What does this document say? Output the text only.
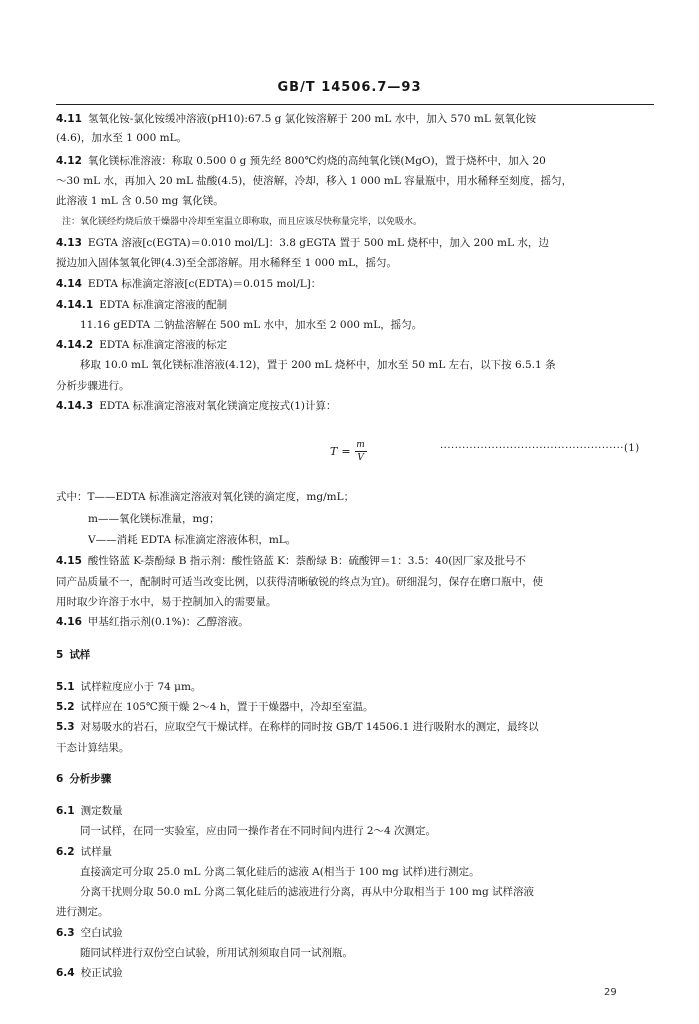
GB/T 14506.7—93
4.11 氢氧化铵-氯化铵缓冲溶液(pH10):67.5 g 氯化铵溶解于 200 mL 水中，加入 570 mL 氨氧化铵
(4.6)，加水至 1 000 mL。
4.12 氧化镁标准溶液：称取 0.500 0 g 预先经 800℃灼烧的高纯氧化镁(MgO)，置于烧杯中，加入 20
～30 mL 水，再加入 20 mL 盐酸(4.5)，使溶解，冷却，移入 1 000 mL 容量瓶中，用水稀释至刻度，摇匀，
此溶液 1 mL 含 0.50 mg 氧化镁。
注：氧化镁经灼烧后放干燥器中冷却至室温立即称取，而且应该尽快称量完毕，以免吸水。
4.13 EGTA 溶液[c(EGTA)＝0.010 mol/L]：3.8 gEGTA 置于 500 mL 烧杯中，加入 200 mL 水，边
搅边加入固体氢氧化钾(4.3)至全部溶解。用水稀释至 1 000 mL，摇匀。
4.14 EDTA 标准滴定溶液[c(EDTA)＝0.015 mol/L]：
4.14.1 EDTA 标准滴定溶液的配制
11.16 gEDTA 二钠盐溶解在 500 mL 水中，加水至 2 000 mL，摇匀。
4.14.2 EDTA 标准滴定溶液的标定
移取 10.0 mL 氧化镁标准溶液(4.12)，置于 200 mL 烧杯中，加水至 50 mL 左右，以下按 6.5.1 条
分析步骤进行。
4.14.3 EDTA 标准滴定溶液对氧化镁滴定度按式(1)计算：
式中：T——EDTA 标准滴定溶液对氧化镁的滴定度，mg/mL；
m——氧化镁标准量，mg；
V——消耗 EDTA 标准滴定溶液体积，mL。
4.15 酸性铬蓝 K-萘酚绿 B 指示剂：酸性铬蓝 K：萘酚绿 B：硫酸钾＝1：3.5：40(因厂家及批号不
同产品质量不一，配制时可适当改变比例，以获得清晰敏锐的终点为宜)。研细混匀，保存在磨口瓶中，使
用时取少许溶于水中，易于控制加入的需要量。
4.16 甲基红指示剂(0.1%)：乙醇溶液。
5 试样
5.1 试样粒度应小于 74 μm。
5.2 试样应在 105℃预干燥 2～4 h，置于干燥器中，冷却至室温。
5.3 对易吸水的岩石，应取空气干燥试样。在称样的同时按 GB/T 14506.1 进行吸附水的测定，最终以
干态计算结果。
6 分析步骤
6.1 测定数量
同一试样，在同一实验室，应由同一操作者在不同时间内进行 2～4 次测定。
6.2 试样量
直接滴定可分取 25.0 mL 分离二氧化硅后的滤液 A(相当于 100 mg 试样)进行测定。
分离干扰则分取 50.0 mL 分离二氧化硅后的滤液进行分离，再从中分取相当于 100 mg 试样溶液
进行测定。
6.3 空白试验
随同试样进行双份空白试验，所用试剂须取自同一试剂瓶。
6.4 校正试验
$T = \frac{m}{V}$	··················································(1)
29
